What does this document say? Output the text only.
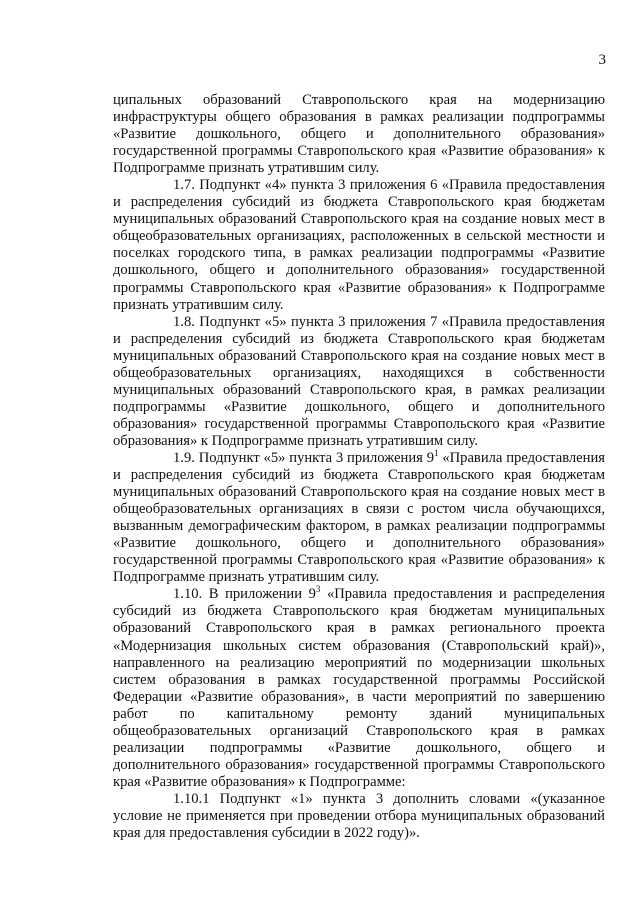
3

ципальных образований Ставропольского края на модернизацию инфраструктуры общего образования в рамках реализации подпрограммы «Развитие дошкольного, общего и дополнительного образования» государственной программы Ставропольского края «Развитие образования» к Подпрограмме признать утратившим силу.

1.7. Подпункт «4» пункта 3 приложения 6 «Правила предоставления и распределения субсидий из бюджета Ставропольского края бюджетам муниципальных образований Ставропольского края на создание новых мест в общеобразовательных организациях, расположенных в сельской местности и поселках городского типа, в рамках реализации подпрограммы «Развитие дошкольного, общего и дополнительного образования» государственной программы Ставропольского края «Развитие образования» к Подпрограмме признать утратившим силу.

1.8. Подпункт «5» пункта 3 приложения 7 «Правила предоставления и распределения субсидий из бюджета Ставропольского края бюджетам муниципальных образований Ставропольского края на создание новых мест в общеобразовательных организациях, находящихся в собственности муниципальных образований Ставропольского края, в рамках реализации подпрограммы «Развитие дошкольного, общего и дополнительного образования» государственной программы Ставропольского края «Развитие образования» к Подпрограмме признать утратившим силу.

1.9. Подпункт «5» пункта 3 приложения $9^1$ «Правила предоставления и распределения субсидий из бюджета Ставропольского края бюджетам муниципальных образований Ставропольского края на создание новых мест в общеобразовательных организациях в связи с ростом числа обучающихся, вызванным демографическим фактором, в рамках реализации подпрограммы «Развитие дошкольного, общего и дополнительного образования» государственной программы Ставропольского края «Развитие образования» к Подпрограмме признать утратившим силу.

1.10. В приложении $9^3$ «Правила предоставления и распределения субсидий из бюджета Ставропольского края бюджетам муниципальных образований Ставропольского края в рамках регионального проекта «Модернизация школьных систем образования (Ставропольский край)», направленного на реализацию мероприятий по модернизации школьных систем образования в рамках государственной программы Российской Федерации «Развитие образования», в части мероприятий по завершению работ по капитальному ремонту зданий муниципальных общеобразовательных организаций Ставропольского края в рамках реализации подпрограммы «Развитие дошкольного, общего и дополнительного образования» государственной программы Ставропольского края «Развитие образования» к Подпрограмме:

1.10.1 Подпункт «1» пункта 3 дополнить словами «(указанное условие не применяется при проведении отбора муниципальных образований края для предоставления субсидии в 2022 году)».
